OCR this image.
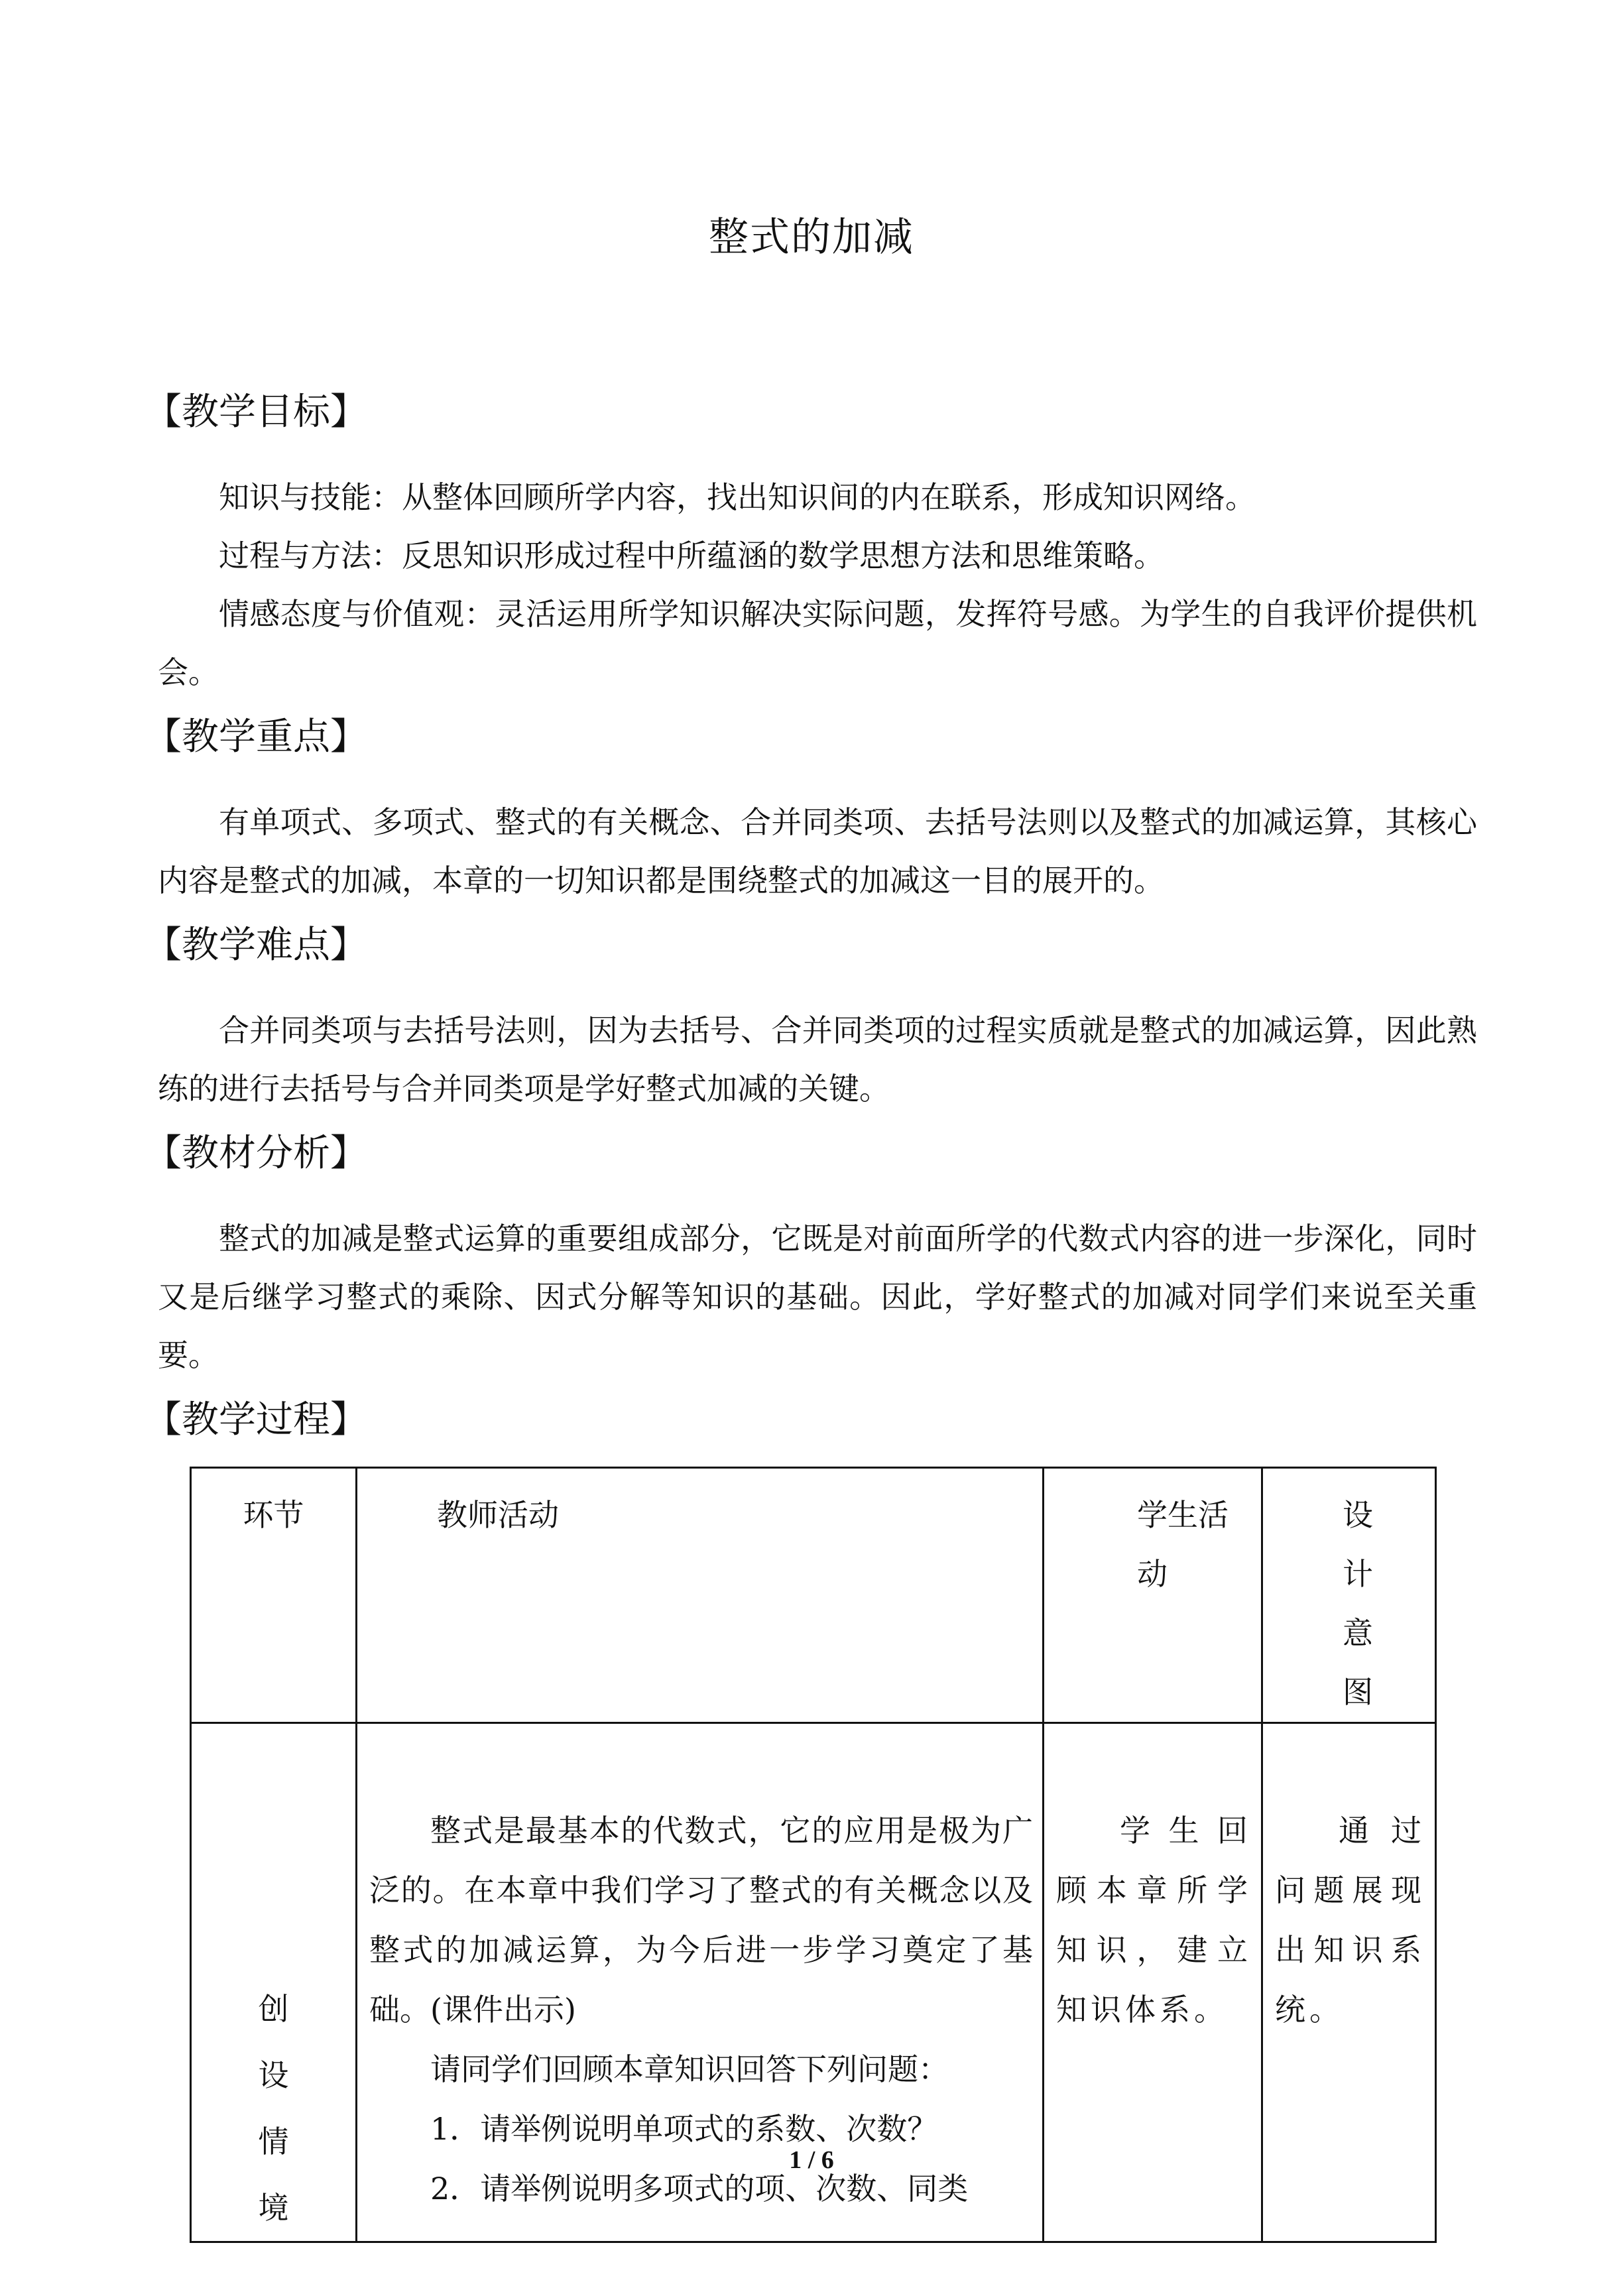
整式的加减
【教学目标】
知识与技能：从整体回顾所学内容，找出知识间的内在联系，形成知识网络。
过程与方法：反思知识形成过程中所蕴涵的数学思想方法和思维策略。
情感态度与价值观：灵活运用所学知识解决实际问题，发挥符号感。为学生的自我评价提供机会。
【教学重点】
有单项式、多项式、整式的有关概念、合并同类项、去括号法则以及整式的加减运算，其核心内容是整式的加减，本章的一切知识都是围绕整式的加减这一目的展开的。
【教学难点】
合并同类项与去括号法则，因为去括号、合并同类项的过程实质就是整式的加减运算，因此熟练的进行去括号与合并同类项是学好整式加减的关键。
【教材分析】
整式的加减是整式运算的重要组成部分，它既是对前面所学的代数式内容的进一步深化，同时又是后继学习整式的乘除、因式分解等知识的基础。因此，学好整式的加减对同学们来说至关重要。
【教学过程】
环节	教师活动	学生活动	设计意图

创设情境	整式是最基本的代数式，它的应用是极为广泛的。在本章中我们学习了整式的有关概念以及整式的加减运算，为今后进一步学习奠定了基础。(课件出示)

请同学们回顾本章知识回答下列问题：

1．请举例说明单项式的系数、次数？

2．请举例说明多项式的项、次数、同类	学生回顾本章所学知识，建立知识体系。	通过问题展现出知识系统。
1 / 6
